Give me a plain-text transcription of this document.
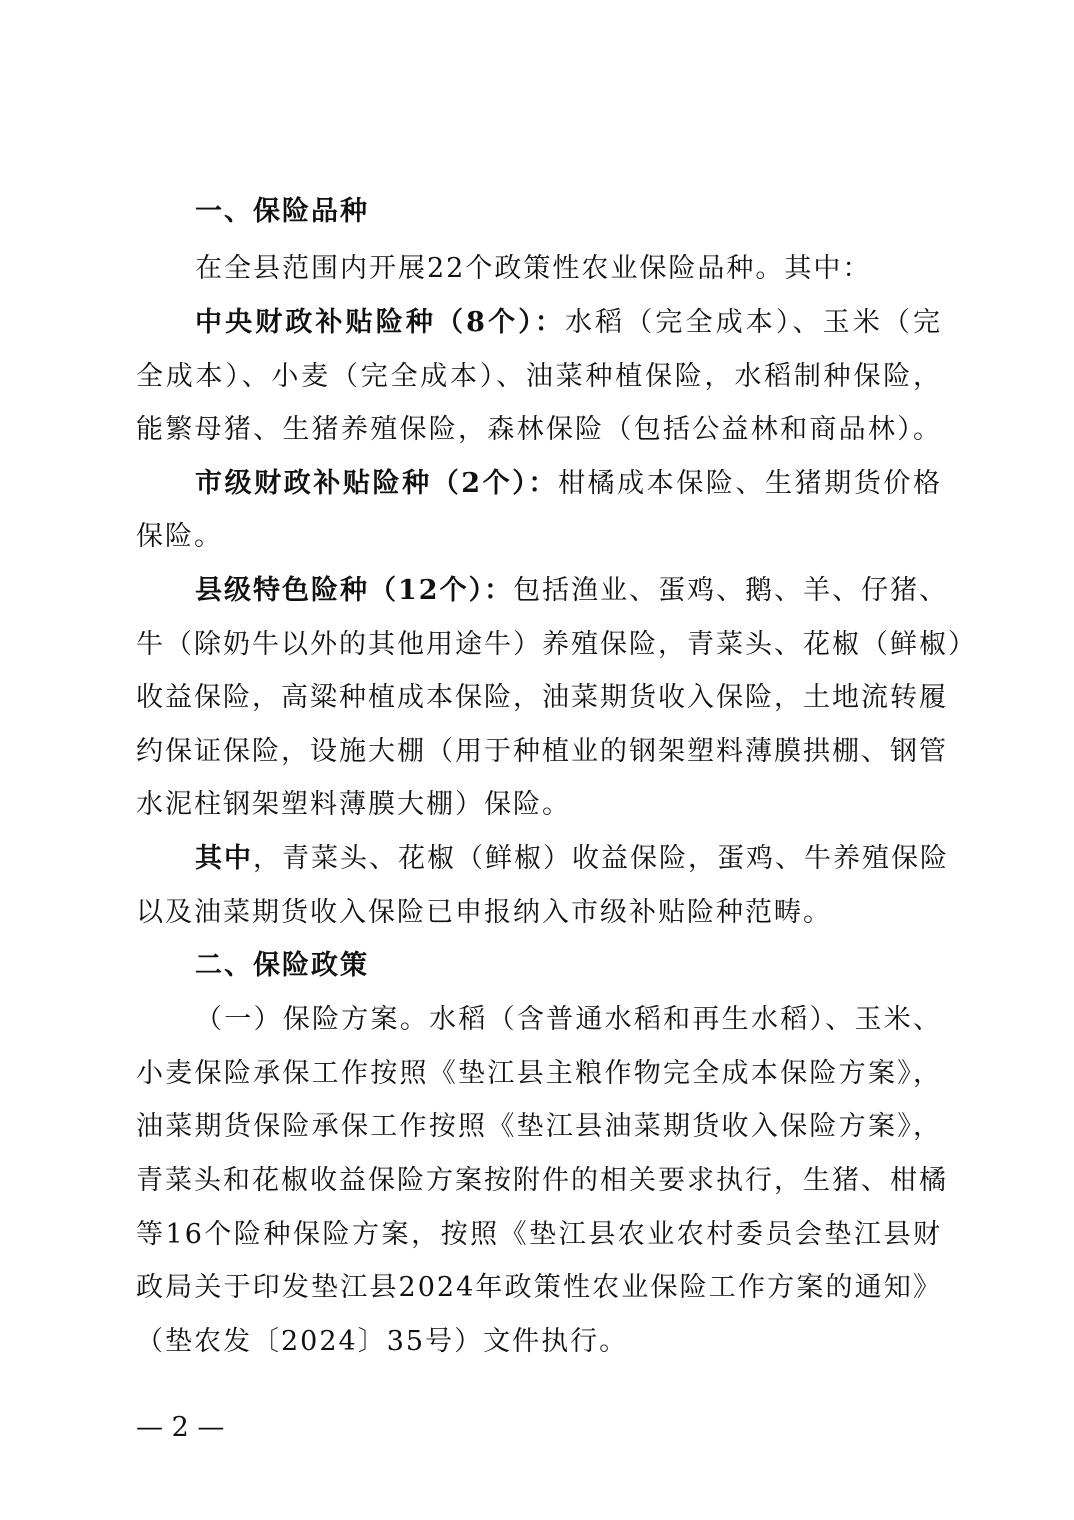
一、保险品种
在全县范围内开展22个政策性农业保险品种。其中：
中央财政补贴险种（8个）：水稻（完全成本）、玉米（完
全成本）、小麦（完全成本）、油菜种植保险，水稻制种保险，
能繁母猪、生猪养殖保险，森林保险（包括公益林和商品林）。
市级财政补贴险种（2个）：柑橘成本保险、生猪期货价格
保险。
县级特色险种（12个）：包括渔业、蛋鸡、鹅、羊、仔猪、
牛（除奶牛以外的其他用途牛）养殖保险，青菜头、花椒（鲜椒）
收益保险，高粱种植成本保险，油菜期货收入保险，土地流转履
约保证保险，设施大棚（用于种植业的钢架塑料薄膜拱棚、钢管
水泥柱钢架塑料薄膜大棚）保险。
其中，青菜头、花椒（鲜椒）收益保险，蛋鸡、牛养殖保险
以及油菜期货收入保险已申报纳入市级补贴险种范畴。
二、保险政策
（一）保险方案。水稻（含普通水稻和再生水稻）、玉米、
小麦保险承保工作按照《垫江县主粮作物完全成本保险方案》，
油菜期货保险承保工作按照《垫江县油菜期货收入保险方案》，
青菜头和花椒收益保险方案按附件的相关要求执行，生猪、柑橘
等16个险种保险方案，按照《垫江县农业农村委员会垫江县财
政局关于印发垫江县2024年政策性农业保险工作方案的通知》
（垫农发〔2024〕35号）文件执行。
— 2 —
